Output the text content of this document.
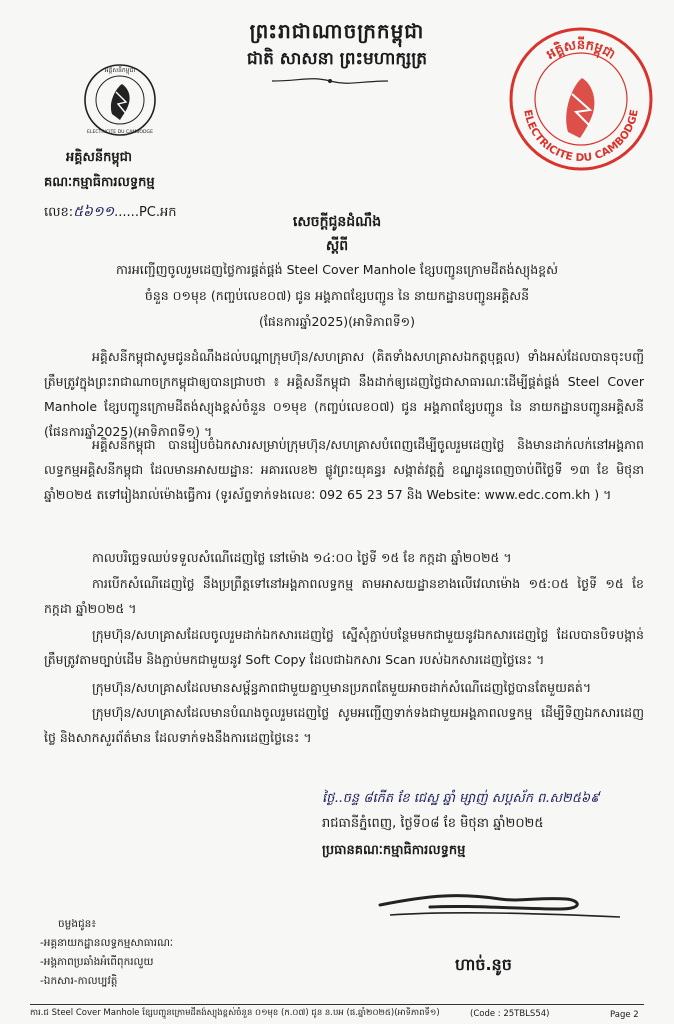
ព្រះរាជាណាចក្រកម្ពុជា
ជាតិ សាសនា ព្រះមហាក្សត្រ
អគ្គិសនីកម្ពុជា
ELECTRICITE DU CAMBODGE
អគ្គិសនីកម្ពុជា
ELECTRICITE DU CAMBODGE
អគ្គិសនីកម្ពុជា
គណៈកម្មាធិការលទ្ធកម្ម
លេខ:៥៦១១......PC.អក
សេចក្តីជូនដំណឹង
ស្តីពី
ការអញ្ជើញចូលរួមដេញថ្លៃការផ្គត់ផ្គង់ Steel Cover Manhole ខ្សែបញ្ជូនក្រោមដីតង់ស្យុងខ្ពស់
ចំនួន ០១មុខ (កញ្ចប់លេខ០៧) ជូន អង្គភាពខ្សែបញ្ជូន នៃ នាយកដ្ឋានបញ្ជូនអគ្គិសនី
(ផែនការឆ្នាំ2025)(អាទិភាពទី១)
អគ្គិសនីកម្ពុជាសូមជូនដំណឹងដល់បណ្តាក្រុមហ៊ុន/សហគ្រាស (គិតទាំងសហគ្រាសឯកត្តបុគ្គល) ទាំងអស់ដែលបានចុះបញ្ជីត្រឹមត្រូវក្នុងព្រះរាជាណាចក្រកម្ពុជាឲ្យបានជ្រាបថា ៖ អគ្គិសនីកម្ពុជា នឹងដាក់ឲ្យដេញថ្លៃជាសាធារណៈដើម្បីផ្គត់ផ្គង់ Steel Cover Manhole ខ្សែបញ្ជូនក្រោមដីតង់ស្យុងខ្ពស់ចំនួន ០១មុខ (កញ្ចប់លេខ០៧) ជូន អង្គភាពខ្សែបញ្ជូន នៃ នាយកដ្ឋានបញ្ជូនអគ្គិសនី (ផែនការឆ្នាំ2025)(អាទិភាពទី១) ។
អគ្គិសនីកម្ពុជា បានរៀបចំឯកសារសម្រាប់ក្រុមហ៊ុន/សហគ្រាសបំពេញដើម្បីចូលរួមដេញថ្លៃ និងមានដាក់លក់នៅអង្គភាពលទ្ធកម្មអគ្គិសនីកម្ពុជា ដែលមានអាសយដ្ឋានៈ អគារលេខ២ ផ្លូវព្រះយុគន្ធរ សង្កាត់វត្តភ្នំ ខណ្ឌដូនពេញចាប់ពីថ្ងៃទី ១៣ ខែ មិថុនា ឆ្នាំ២០២៥ តទៅរៀងរាល់ម៉ោងធ្វើការ (ទូរស័ព្ទទាក់ទងលេខៈ 092 65 23 57 និង Website: www.edc.com.kh ) ។
កាលបរិច្ឆេទឈប់ទទួលសំណើដេញថ្លៃ នៅម៉ោង ១៤:០០ ថ្ងៃទី ១៥ ខែ កក្កដា ឆ្នាំ២០២៥ ។
ការបើកសំណើដេញថ្លៃ នឹងប្រព្រឹត្តទៅនៅអង្គភាពលទ្ធកម្ម តាមអាសយដ្ឋានខាងលើវេលាម៉ោង ១៥:០៥ ថ្ងៃទី ១៥ ខែ កក្កដា ឆ្នាំ២០២៥ ។
ក្រុមហ៊ុន/សហគ្រាសដែលចូលរួមដាក់ឯកសារដេញថ្លៃ ស្នើសុំភ្ជាប់បន្ថែមមកជាមួយនូវឯកសារដេញថ្លៃ ដែលបានបិទបង្កាន់ត្រឹមត្រូវតាមច្បាប់ដើម និងភ្ជាប់មកជាមួយនូវ Soft Copy ដែលជាឯកសារ Scan របស់ឯកសារដេញថ្លៃនេះ ។
ក្រុមហ៊ុន/សហគ្រាសដែលមានសម្ព័ន្ធភាពជាមួយគ្នាឬមានប្រភពតែមួយអាចដាក់សំណើដេញថ្លៃបានតែមួយគត់។
ក្រុមហ៊ុន/សហគ្រាសដែលមានបំណងចូលរួមដេញថ្លៃ សូមអញ្ជើញទាក់ទងជាមួយអង្គភាពលទ្ធកម្ម ដើម្បីទិញឯកសារដេញថ្លៃ និងសាកសួរព័ត៌មាន ដែលទាក់ទងនឹងការដេញថ្លៃនេះ ។
ថ្ងៃ..ចន្ទ ៨កើត ខែ ជេស្ឋ ឆ្នាំ ម្សាញ់ សប្តស័ក ព.ស២៥៦៩
រាជធានីភ្នំពេញ, ថ្ងៃទី០៨ ខែ មិថុនា ឆ្នាំ២០២៥
ប្រធានគណៈកម្មាធិការលទ្ធកម្ម
ហាច់.នូច
ចម្លងជូន៖
-អគ្គនាយកដ្ឋានលទ្ធកម្មសាធារណៈ
-អង្គភាពប្រឆាំងអំពើពុករលួយ
-ឯកសារ-កាលប្បវត្តិ
ការ.ជ Steel Cover Manhole ខ្សែបញ្ជូនក្រោមដីតង់ស្យុងខ្ពស់ចំនួន ០១មុខ (ក.០៧) ជូន ន.បអ (ផ.ឆ្នាំ២០២៥)(អាទិភាពទី១)	(Code : 25TBLS54)	Page 2
